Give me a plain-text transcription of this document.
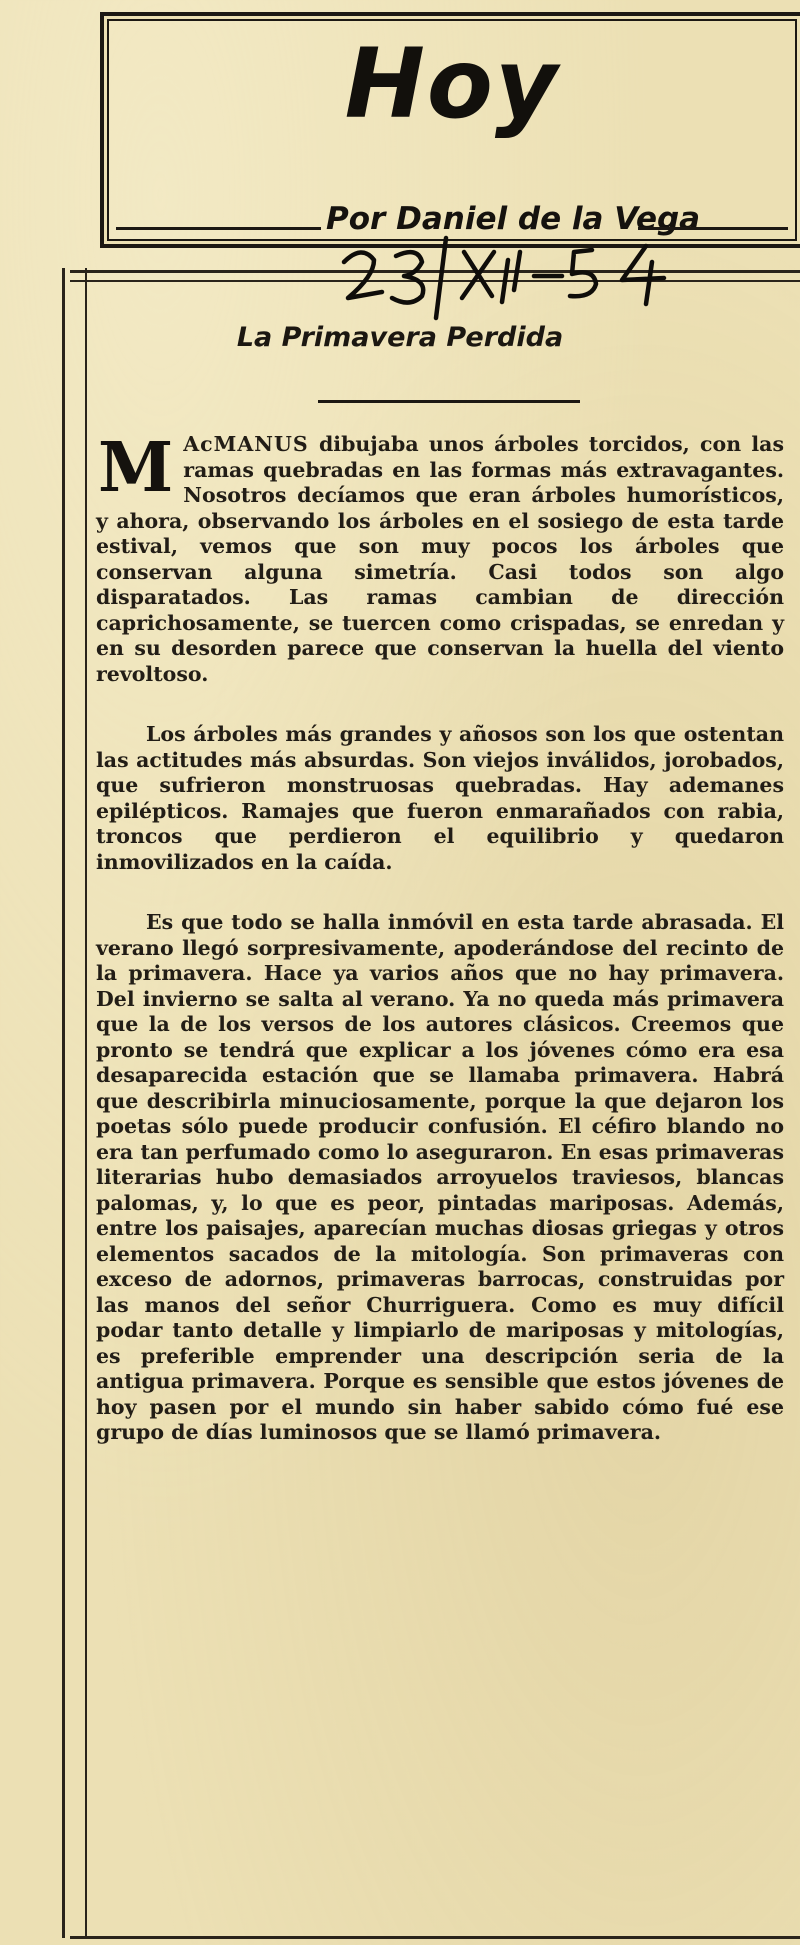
Hoy
Por Daniel de la Vega
La Primavera Perdida

M AcMANUS dibujaba unos árboles torcidos, con las ramas quebradas en las formas más extravagantes. Nosotros decíamos que eran árboles humorísticos, y ahora, observando los árboles en el sosiego de esta tarde estival, vemos que son muy pocos los árboles que conservan alguna simetría. Casi todos son algo disparatados. Las ramas cambian de dirección caprichosamente, se tuercen como crispadas, se enredan y en su desorden parece que conservan la huella del viento revoltoso.

Los árboles más grandes y añosos son los que ostentan las actitudes más absurdas. Son viejos inválidos, jorobados, que sufrieron monstruosas quebradas. Hay ademanes epilépticos. Ramajes que fueron enmarañados con rabia, troncos que perdieron el equilibrio y quedaron inmovilizados en la caída.

Es que todo se halla inmóvil en esta tarde abrasada. El verano llegó sorpresivamente, apoderándose del recinto de la primavera. Hace ya varios años que no hay primavera. Del invierno se salta al verano. Ya no queda más primavera que la de los versos de los autores clásicos. Creemos que pronto se tendrá que explicar a los jóvenes cómo era esa desaparecida estación que se llamaba primavera. Habrá que describirla minuciosamente, porque la que dejaron los poetas sólo puede producir confusión. El céfiro blando no era tan perfumado como lo aseguraron. En esas primaveras literarias hubo demasiados arroyuelos traviesos, blancas palomas, y, lo que es peor, pintadas mariposas. Además, entre los paisajes, aparecían muchas diosas griegas y otros elementos sacados de la mitología. Son primaveras con exceso de adornos, primaveras barrocas, construidas por las manos del señor Churriguera. Como es muy difícil podar tanto detalle y limpiarlo de mariposas y mitologías, es preferible emprender una descripción seria de la antigua primavera. Porque es sensible que estos jóvenes de hoy pasen por el mundo sin haber sabido cómo fué ese grupo de días luminosos que se llamó primavera.
